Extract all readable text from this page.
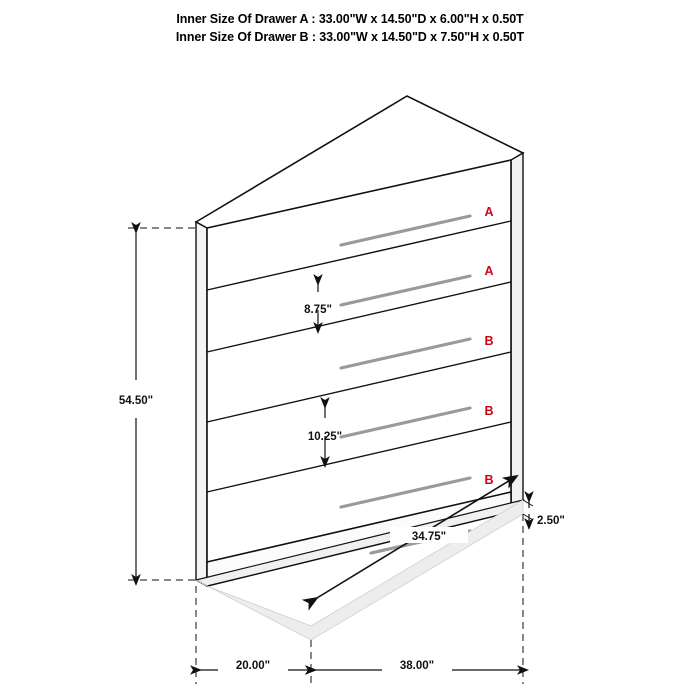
Inner Size Of Drawer A : 33.00"W x 14.50"D x 6.00"H x 0.50T
Inner Size Of Drawer B : 33.00"W x 14.50"D x 7.50"H x 0.50T
A
A
B
B
B
54.50"
8.75"
10.25"
2.50"
34.75"
20.00"	38.00"
